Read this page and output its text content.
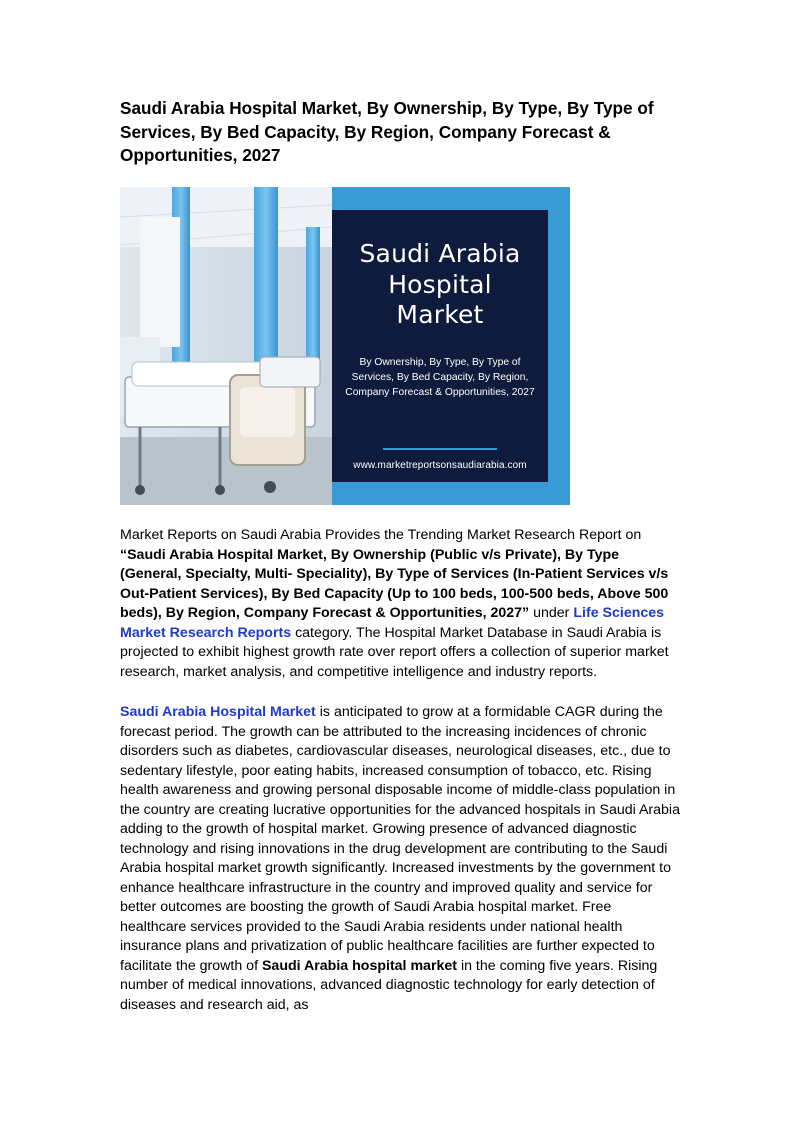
Saudi Arabia Hospital Market, By Ownership, By Type, By Type of Services, By Bed Capacity, By Region, Company Forecast & Opportunities, 2027
Saudi Arabia
Hospital
Market
By Ownership, By Type, By Type of Services, By Bed Capacity, By Region, Company Forecast & Opportunities, 2027
www.marketreportsonsaudiarabia.com

Market Reports on Saudi Arabia Provides the Trending Market Research Report on “Saudi Arabia Hospital Market, By Ownership (Public v/s Private), By Type (General, Specialty, Multi- Speciality), By Type of Services (In-Patient Services v/s Out-Patient Services), By Bed Capacity (Up to 100 beds, 100-500 beds, Above 500 beds), By Region, Company Forecast & Opportunities, 2027” under Life Sciences Market Research Reports category. The Hospital Market Database in Saudi Arabia is projected to exhibit highest growth rate over report offers a collection of superior market research, market analysis, and competitive intelligence and industry reports.

Saudi Arabia Hospital Market is anticipated to grow at a formidable CAGR during the forecast period. The growth can be attributed to the increasing incidences of chronic disorders such as diabetes, cardiovascular diseases, neurological diseases, etc., due to sedentary lifestyle, poor eating habits, increased consumption of tobacco, etc. Rising health awareness and growing personal disposable income of middle-class population in the country are creating lucrative opportunities for the advanced hospitals in Saudi Arabia adding to the growth of hospital market. Growing presence of advanced diagnostic technology and rising innovations in the drug development are contributing to the Saudi Arabia hospital market growth significantly. Increased investments by the government to enhance healthcare infrastructure in the country and improved quality and service for better outcomes are boosting the growth of Saudi Arabia hospital market. Free healthcare services provided to the Saudi Arabia residents under national health insurance plans and privatization of public healthcare facilities are further expected to facilitate the growth of Saudi Arabia hospital market in the coming five years. Rising number of medical innovations, advanced diagnostic technology for early detection of diseases and research aid, as
